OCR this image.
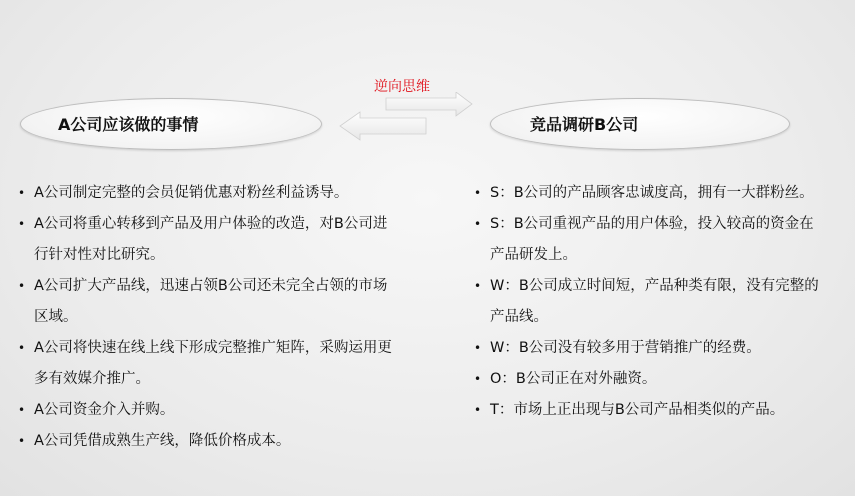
A公司应该做的事情	竞品调研B公司
逆向思维
• A公司制定完整的会员促销优惠对粉丝利益诱导。
• A公司将重心转移到产品及用户体验的改造，对B公司进行针对性对比研究。
• A公司扩大产品线，迅速占领B公司还未完全占领的市场区域。
• A公司将快速在线上线下形成完整推广矩阵，采购运用更多有效媒介推广。
• A公司资金介入并购。
• A公司凭借成熟生产线，降低价格成本。
• S：B公司的产品顾客忠诚度高，拥有一大群粉丝。
• S：B公司重视产品的用户体验，投入较高的资金在产品研发上。
• W：B公司成立时间短，产品种类有限，没有完整的产品线。
• W：B公司没有较多用于营销推广的经费。
• O：B公司正在对外融资。
• T：市场上正出现与B公司产品相类似的产品。
